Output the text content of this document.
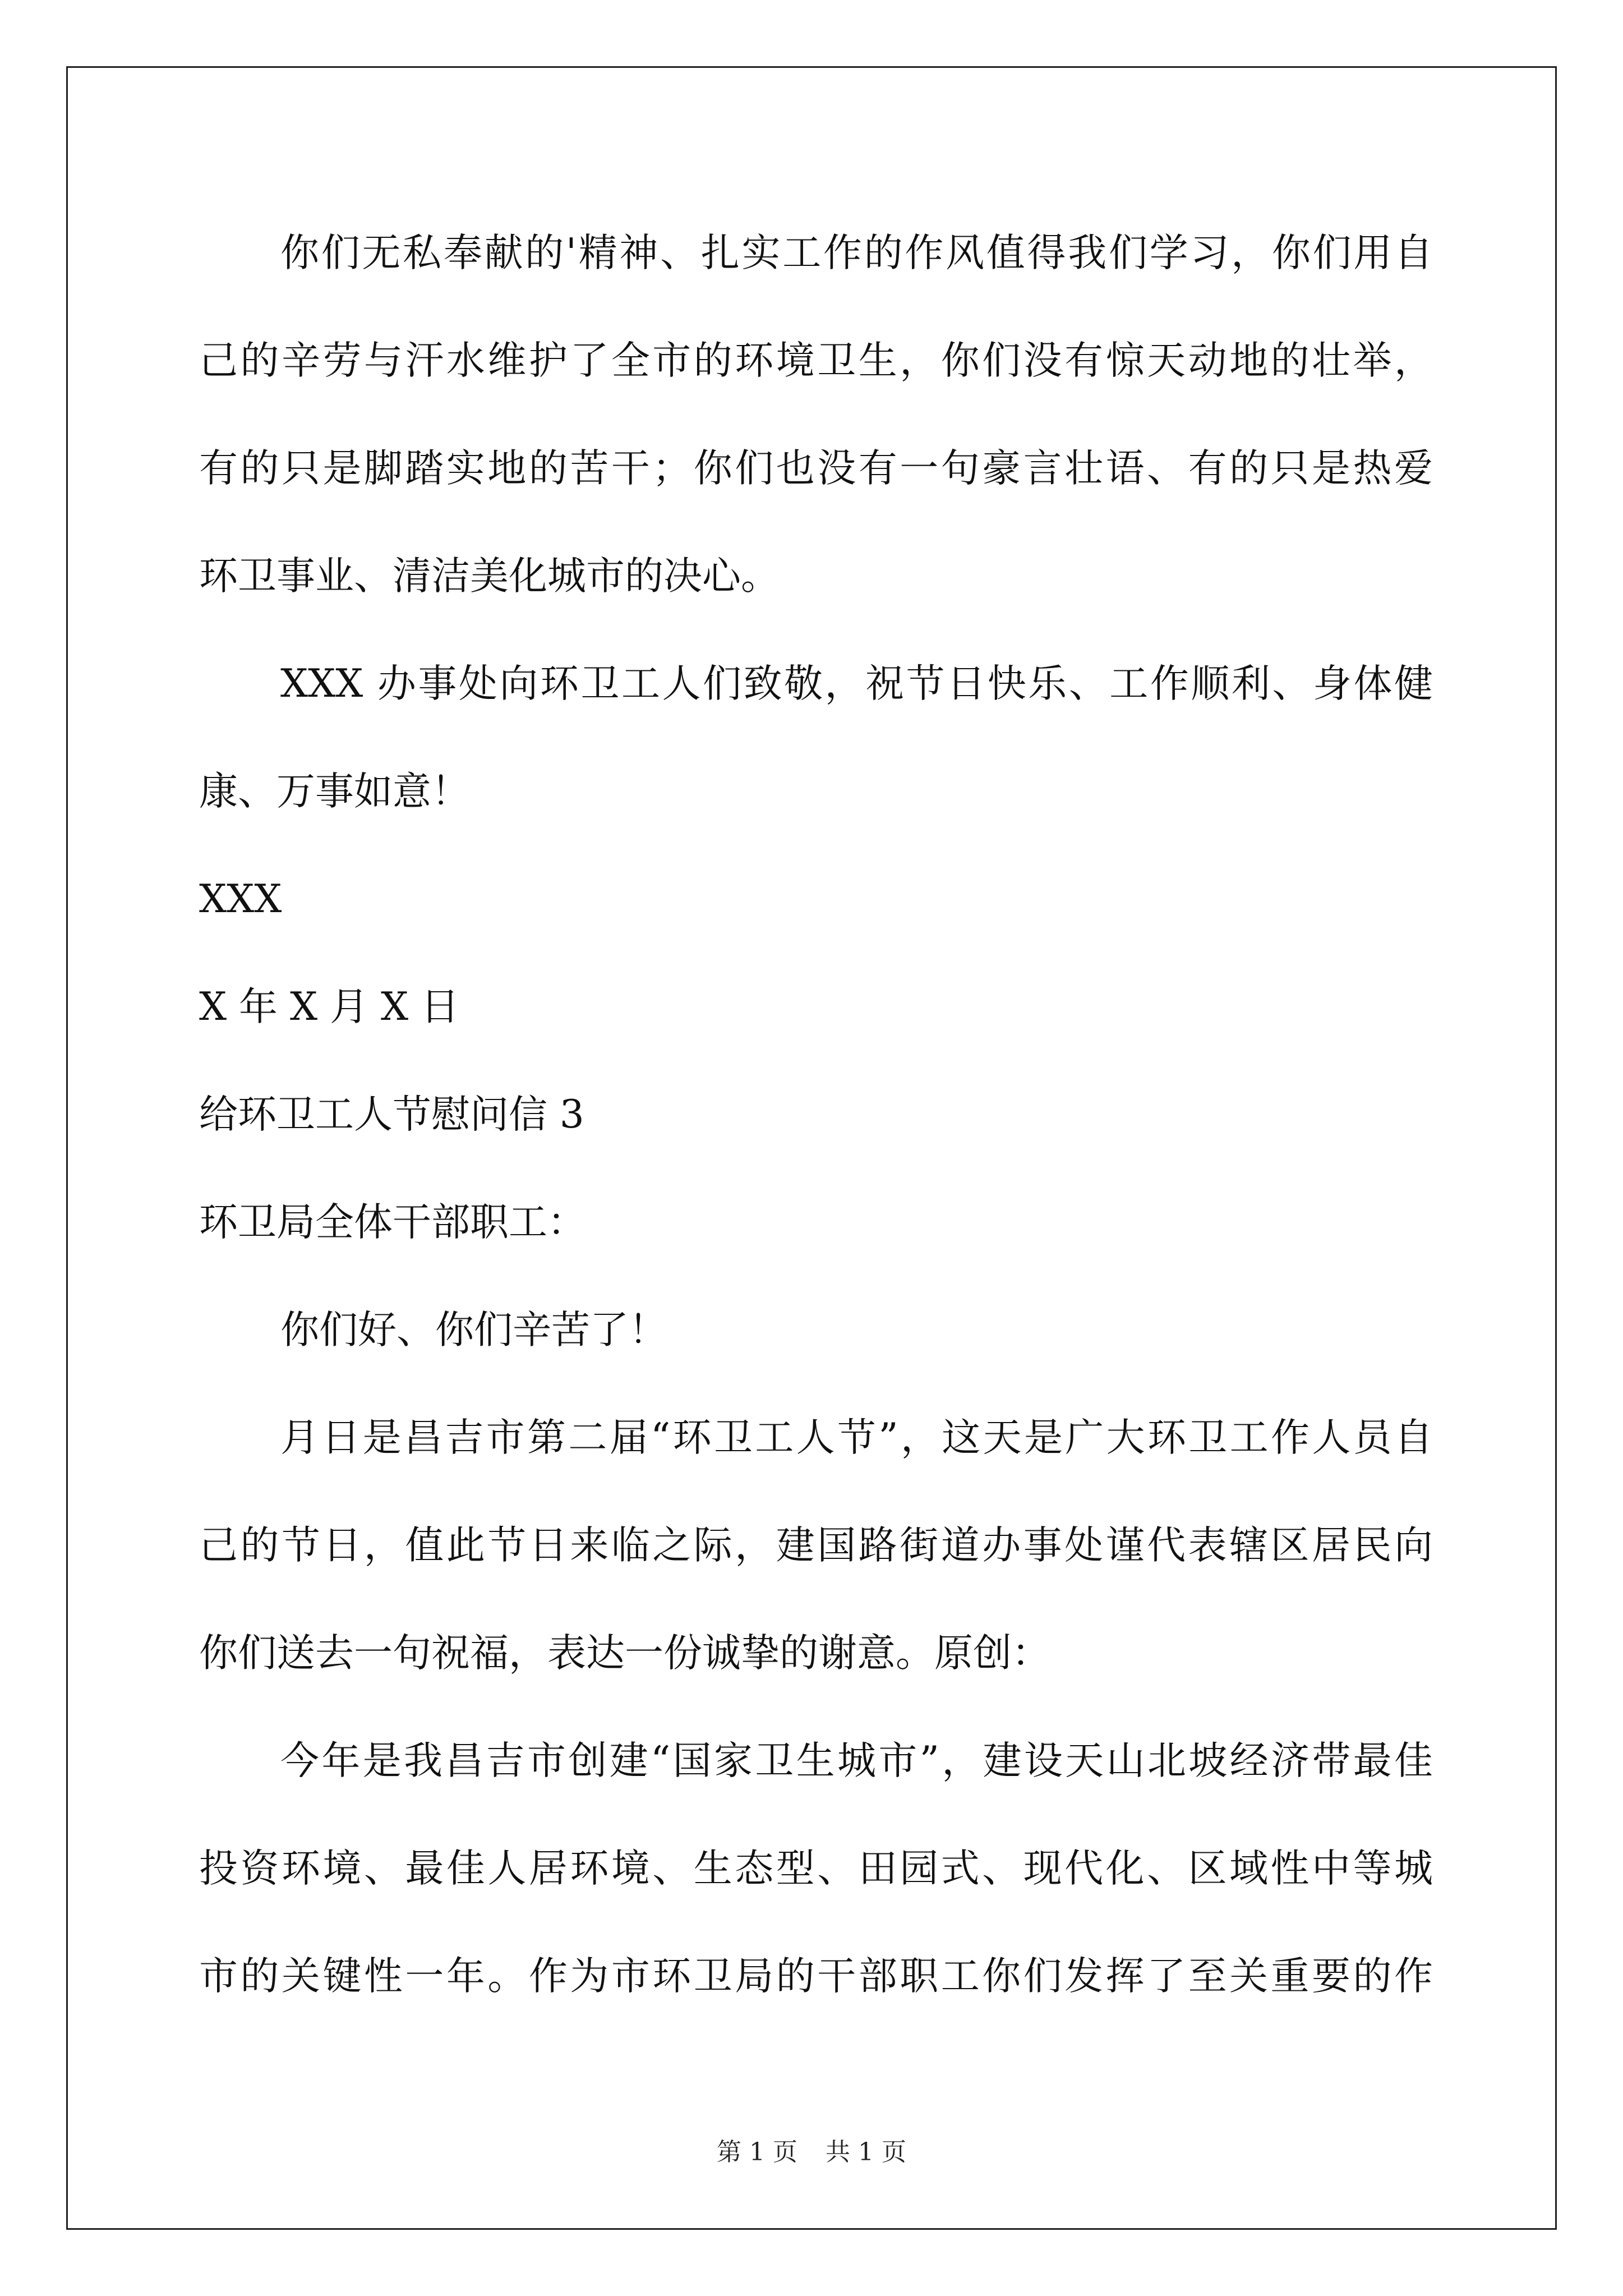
你们无私奉献的'精神、扎实工作的作风值得我们学习，你们用自
己的辛劳与汗水维护了全市的环境卫生，你们没有惊天动地的壮举，
有的只是脚踏实地的苦干；你们也没有一句豪言壮语、有的只是热爱
环卫事业、清洁美化城市的决心。
XXX 办事处向环卫工人们致敬，祝节日快乐、工作顺利、身体健
康、万事如意！
XXX
X 年 X 月 X 日
给环卫工人节慰问信 3
环卫局全体干部职工：
你们好、你们辛苦了！
月日是昌吉市第二届“环卫工人节”，这天是广大环卫工作人员自
己的节日，值此节日来临之际，建国路街道办事处谨代表辖区居民向
你们送去一句祝福，表达一份诚挚的谢意。原创：
今年是我昌吉市创建“国家卫生城市”，建设天山北坡经济带最佳
投资环境、最佳人居环境、生态型、田园式、现代化、区域性中等城
市的关键性一年。作为市环卫局的干部职工你们发挥了至关重要的作
第 1 页 共 1 页
